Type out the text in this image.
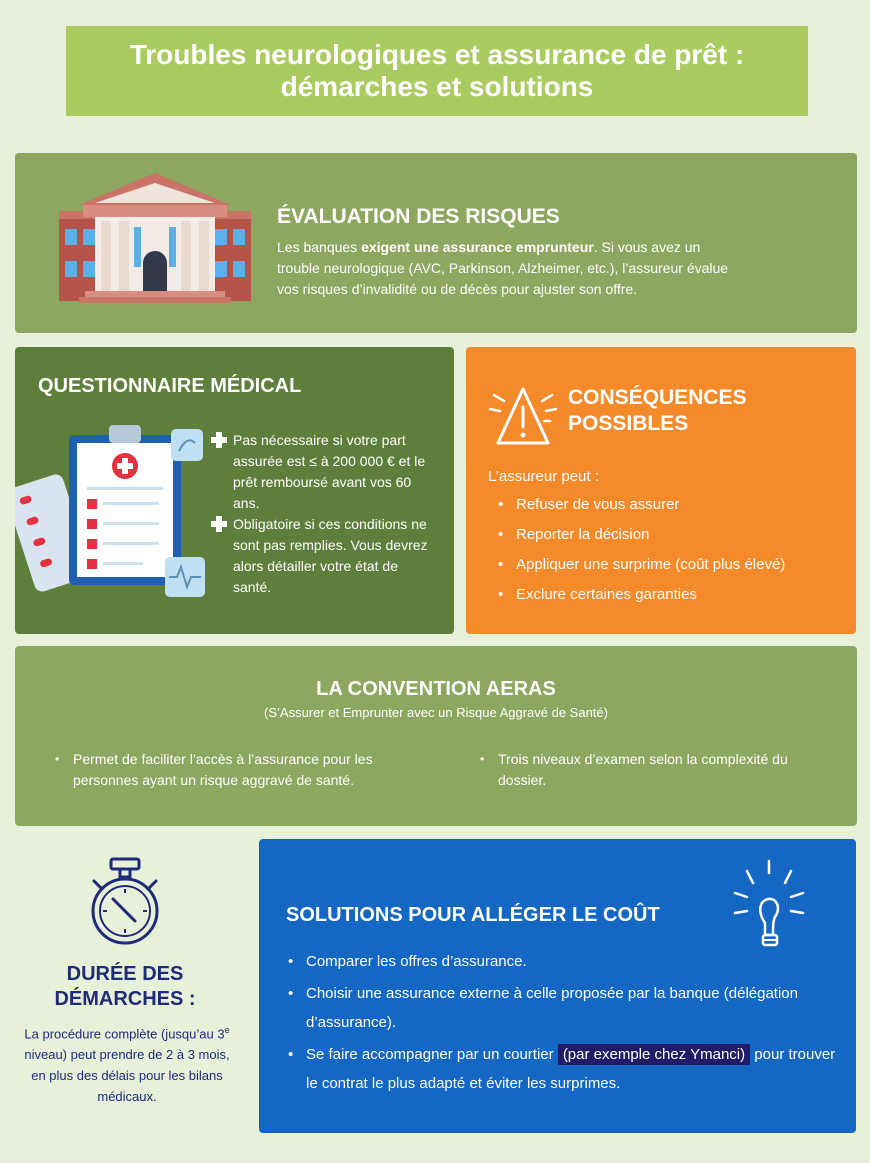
Troubles neurologiques et assurance de prêt :
démarches et solutions
ÉVALUATION DES RISQUES
Les banques exigent une assurance emprunteur. Si vous avez un trouble neurologique (AVC, Parkinson, Alzheimer, etc.), l’assureur évalue vos risques d’invalidité ou de décès pour ajuster son offre.
QUESTIONNAIRE MÉDICAL
Pas nécessaire si votre part assurée est ≤ à 200 000 € et le prêt remboursé avant vos 60 ans.
Obligatoire si ces conditions ne sont pas remplies. Vous devrez alors détailler votre état de santé.
CONSÉQUENCES
POSSIBLES
L’assureur peut :
• Refuser de vous assurer
• Reporter la décision
• Appliquer une surprime (coût plus élevé)
• Exclure certaines garanties
LA CONVENTION AERAS
(S’Assurer et Emprunter avec un Risque Aggravé de Santé)
• Permet de faciliter l’accès à l’assurance pour les personnes ayant un risque aggravé de santé.
• Trois niveaux d’examen selon la complexité du dossier.
DURÉE DES
DÉMARCHES :
La procédure complète (jusqu’au 3e niveau) peut prendre de 2 à 3 mois, en plus des délais pour les bilans médicaux.
SOLUTIONS POUR ALLÉGER LE COÛT
• Comparer les offres d’assurance.
• Choisir une assurance externe à celle proposée par la banque (délégation d’assurance).
• Se faire accompagner par un courtier (par exemple chez Ymanci) pour trouver le contrat le plus adapté et éviter les surprimes.
